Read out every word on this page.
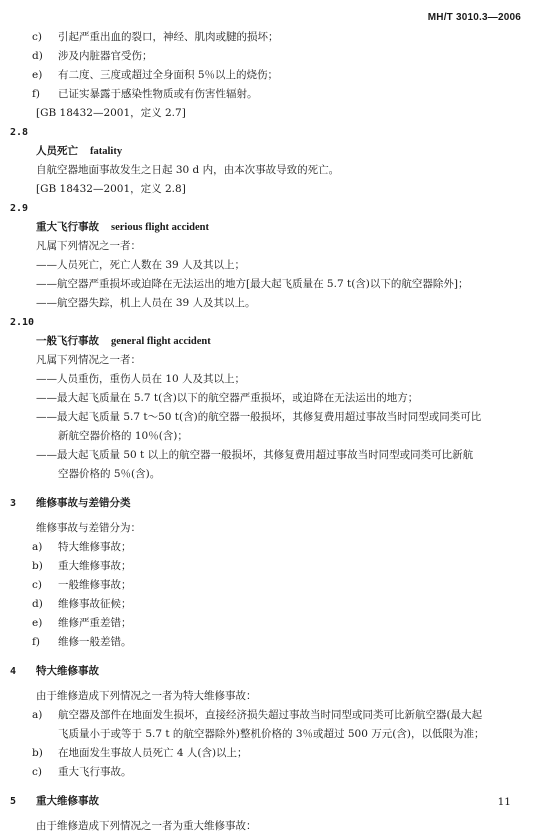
MH/T 3010.3—2006
c)	引起严重出血的裂口，神经、肌肉或腱的损坏；
d)	涉及内脏器官受伤；
e)	有二度、三度或超过全身面积 5％以上的烧伤；
f)	已证实暴露于感染性物质或有伤害性辐射。
[GB 18432—2001，定义 2.7]
2.8
人员死亡 fatality
自航空器地面事故发生之日起 30 d 内，由本次事故导致的死亡。
[GB 18432—2001，定义 2.8]
2.9
重大飞行事故 serious flight accident
凡属下列情况之一者：
——人员死亡，死亡人数在 39 人及其以上；
——航空器严重损坏或迫降在无法运出的地方[最大起飞质量在 5.7 t(含)以下的航空器除外]；
——航空器失踪，机上人员在 39 人及其以上。
2.10
一般飞行事故 general flight accident
凡属下列情况之一者：
——人员重伤，重伤人员在 10 人及其以上；
——最大起飞质量在 5.7 t(含)以下的航空器严重损坏，或迫降在无法运出的地方；
——最大起飞质量 5.7 t～50 t(含)的航空器一般损坏，其修复费用超过事故当时同型或同类可比
新航空器价格的 10％(含)；
——最大起飞质量 50 t 以上的航空器一般损坏，其修复费用超过事故当时同型或同类可比新航
空器价格的 5％(含)。
3 维修事故与差错分类
维修事故与差错分为：
a)	特大维修事故；
b)	重大维修事故；
c)	一般维修事故；
d)	维修事故征候；
e)	维修严重差错；
f)	维修一般差错。
4 特大维修事故
由于维修造成下列情况之一者为特大维修事故：
a)	航空器及部件在地面发生损坏，直接经济损失超过事故当时同型或同类可比新航空器(最大起
飞质量小于或等于 5.7 t 的航空器除外)整机价格的 3％或超过 500 万元(含)，以低限为准；
b)	在地面发生事故人员死亡 4 人(含)以上；
c)	重大飞行事故。
5 重大维修事故
由于维修造成下列情况之一者为重大维修事故：
11
